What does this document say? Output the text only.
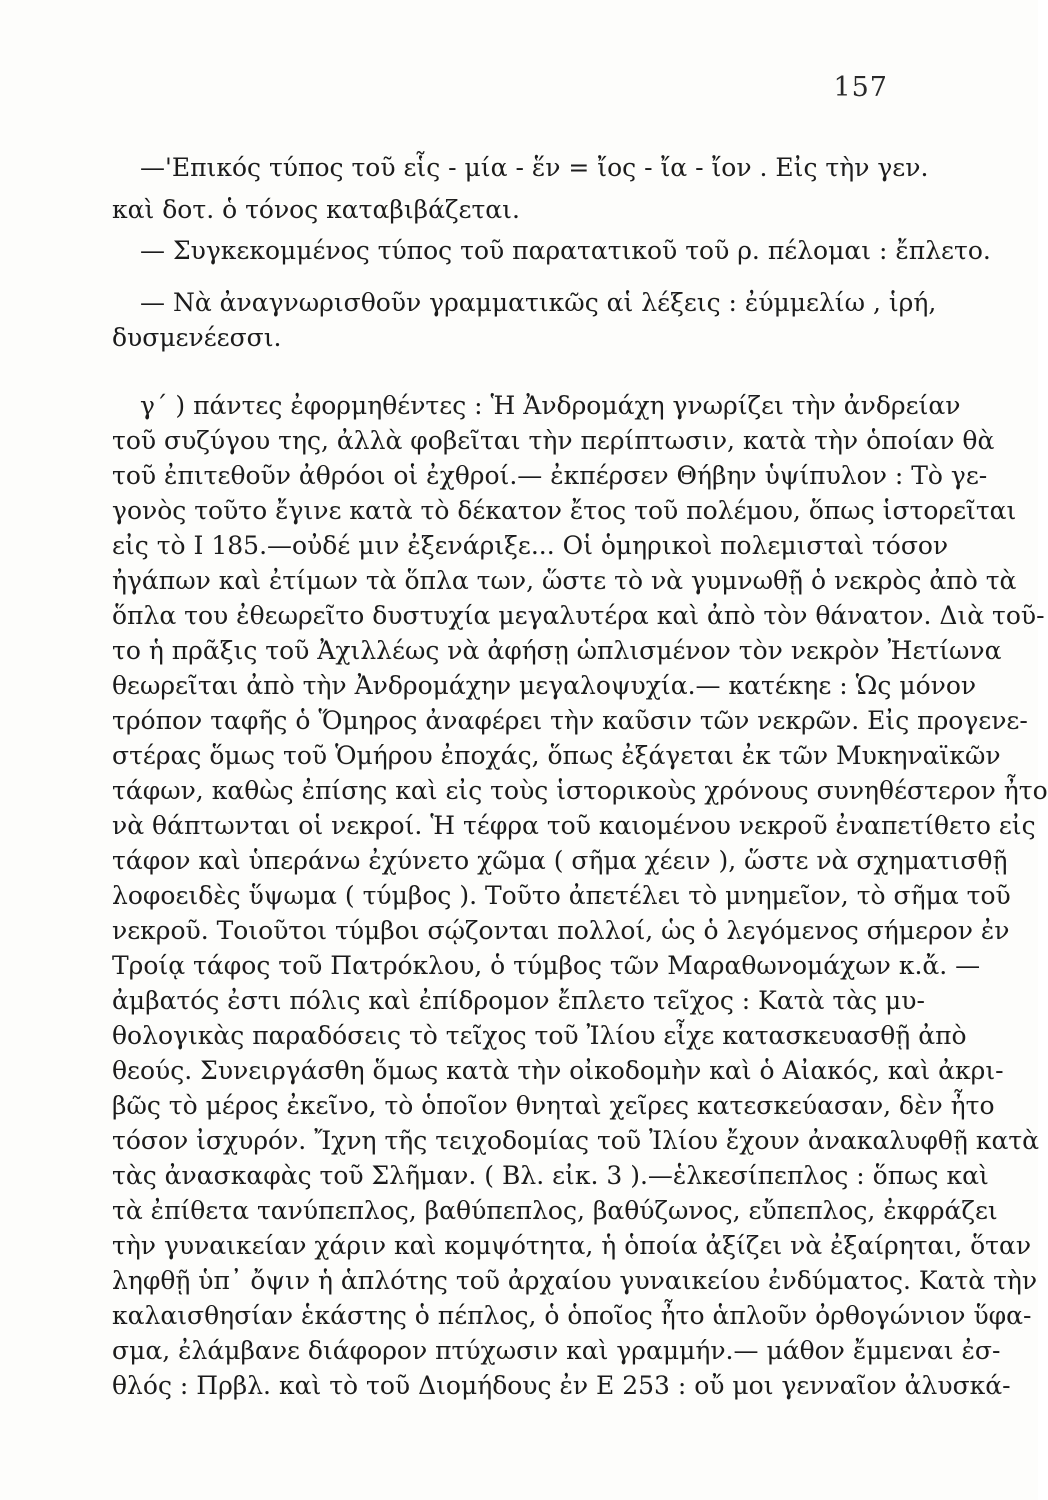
157
—'Επικός τύπος τοῦ εἷς - μία - ἕν = ἴος - ἴα - ἴον . Εἰς τὴν γεν.
καὶ δοτ. ὁ τόνος καταβιβάζεται.
— Συγκεκομμένος τύπος τοῦ παρατατικοῦ τοῦ ρ. πέλομαι : ἔπλετο.
— Νὰ ἀναγνωρισθοῦν γραμματικῶς αἱ λέξεις : ἐύμμελίω , ἱρή,
δυσμενέεσσι.
γ΄ ) πάντες ἐφορμηθέντες : Ἡ Ἀνδρομάχη γνωρίζει τὴν ἀνδρείαν
τοῦ συζύγου της, ἀλλὰ φοβεῖται τὴν περίπτωσιν, κατὰ τὴν ὁποίαν θὰ
τοῦ ἐπιτεθοῦν ἀθρόοι οἱ ἐχθροί.— ἐκπέρσεν Θήβην ὑψίπυλον : Τὸ γε-
γονὸς τοῦτο ἔγινε κατὰ τὸ δέκατον ἔτος τοῦ πολέμου, ὅπως ἱστορεῖται
εἰς τὸ Ι 185.—οὐδέ μιν ἐξενάριξε... Οἱ ὁμηρικοὶ πολεμισταὶ τόσον
ἠγάπων καὶ ἐτίμων τὰ ὅπλα των, ὥστε τὸ νὰ γυμνωθῇ ὁ νεκρὸς ἀπὸ τὰ
ὅπλα του ἐθεωρεῖτο δυστυχία μεγαλυτέρα καὶ ἀπὸ τὸν θάνατον. Διὰ τοῦ-
το ἡ πρᾶξις τοῦ Ἀχιλλέως νὰ ἀφήσῃ ὡπλισμένον τὸν νεκρὸν Ἠετίωνα
θεωρεῖται ἀπὸ τὴν Ἀνδρομάχην μεγαλοψυχία.— κατέκηε : Ὡς μόνον
τρόπον ταφῆς ὁ Ὅμηρος ἀναφέρει τὴν καῦσιν τῶν νεκρῶν. Εἰς προγενε-
στέρας ὅμως τοῦ Ὁμήρου ἐποχάς, ὅπως ἐξάγεται ἐκ τῶν Μυκηναϊκῶν
τάφων, καθὼς ἐπίσης καὶ εἰς τοὺς ἱστορικοὺς χρόνους συνηθέστερον ἦτο
νὰ θάπτωνται οἱ νεκροί. Ἡ τέφρα τοῦ καιομένου νεκροῦ ἐναπετίθετο εἰς
τάφον καὶ ὑπεράνω ἐχύνετο χῶμα ( σῆμα χέειν ), ὥστε νὰ σχηματισθῇ
λοφοειδὲς ὕψωμα ( τύμβος ). Τοῦτο ἀπετέλει τὸ μνημεῖον, τὸ σῆμα τοῦ
νεκροῦ. Τοιοῦτοι τύμβοι σῴζονται πολλοί, ὡς ὁ λεγόμενος σήμερον ἐν
Τροίᾳ τάφος τοῦ Πατρόκλου, ὁ τύμβος τῶν Μαραθωνομάχων κ.ἄ. —
ἀμβατός ἐστι πόλις καὶ ἐπίδρομον ἔπλετο τεῖχος : Κατὰ τὰς μυ-
θολογικὰς παραδόσεις τὸ τεῖχος τοῦ Ἰλίου εἶχε κατασκευασθῇ ἀπὸ
θεούς. Συνειργάσθη ὅμως κατὰ τὴν οἰκοδομὴν καὶ ὁ Αἰακός, καὶ ἀκρι-
βῶς τὸ μέρος ἐκεῖνο, τὸ ὁποῖον θνηταὶ χεῖρες κατεσκεύασαν, δὲν ἦτο
τόσον ἰσχυρόν. Ἴχνη τῆς τειχοδομίας τοῦ Ἰλίου ἔχουν ἀνακαλυφθῇ κατὰ
τὰς ἀνασκαφὰς τοῦ Σλῆμαν. ( Βλ. εἰκ. 3 ).—ἑλκεσίπεπλος : ὅπως καὶ
τὰ ἐπίθετα τανύπεπλος, βαθύπεπλος, βαθύζωνος, εὔπεπλος, ἐκφράζει
τὴν γυναικείαν χάριν καὶ κομψότητα, ἡ ὁποία ἀξίζει νὰ ἐξαίρηται, ὅταν
ληφθῇ ὑπ᾽ ὄψιν ἡ ἁπλότης τοῦ ἀρχαίου γυναικείου ἐνδύματος. Κατὰ τὴν
καλαισθησίαν ἑκάστης ὁ πέπλος, ὁ ὁποῖος ἦτο ἁπλοῦν ὀρθογώνιον ὕφα-
σμα, ἐλάμβανε διάφορον πτύχωσιν καὶ γραμμήν.— μάθον ἔμμεναι ἐσ-
θλός : Πρβλ. καὶ τὸ τοῦ Διομήδους ἐν Ε 253 : οὔ μοι γενναῖον ἀλυσκά-
